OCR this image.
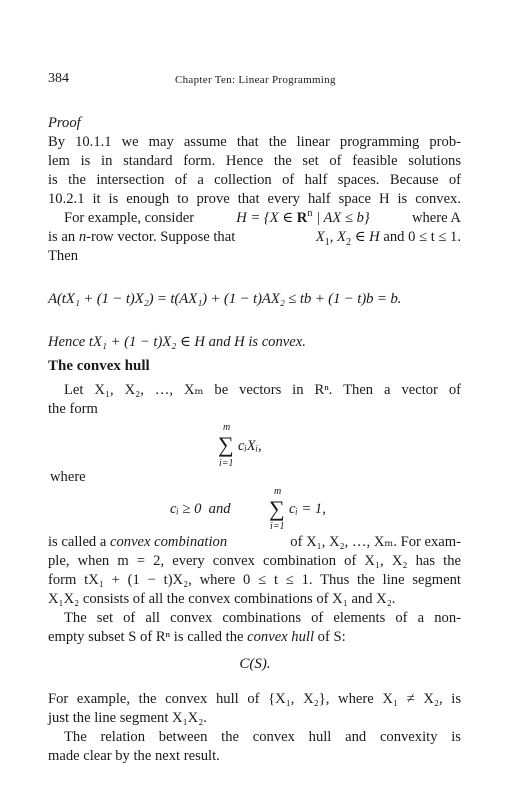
384	Chapter Ten: Linear Programming
Proof
By 10.1.1 we may assume that the linear programming prob-
lem is in standard form. Hence the set of feasible solutions
is the intersection of a collection of half spaces. Because of
10.2.1 it is enough to prove that every half space H is convex.
For example, consider	H = {X ∈ $R^n$ | AX ≤ b}	where A
is an n-row vector. Suppose that	$X_1$, $X_2$ ∈ H and 0 ≤ t ≤ 1.
Then
A(tX₁ + (1 − t)X₂) = t(AX₁) + (1 − t)AX₂ ≤ tb + (1 − t)b = b.
Hence tX₁ + (1 − t)X₂ ∈ H and H is convex.
The convex hull
Let X₁, X₂, …, Xₘ be vectors in Rⁿ. Then a vector of
the form
m
∑ cᵢXᵢ,
i=1
where
cᵢ ≥ 0  and
m
∑ cᵢ = 1,
i=1
is called a convex combination	of X₁, X₂, …, Xₘ. For exam-
ple, when m = 2, every convex combination of X₁, X₂ has the
form tX₁ + (1 − t)X₂, where 0 ≤ t ≤ 1. Thus the line segment
X₁X₂ consists of all the convex combinations of X₁ and X₂.
The set of all convex combinations of elements of a non-
empty subset S of Rⁿ is called the convex hull of S:
C(S).
For example, the convex hull of {X₁, X₂}, where X₁ ≠ X₂, is
just the line segment X₁X₂.
The relation between the convex hull and convexity is
made clear by the next result.
